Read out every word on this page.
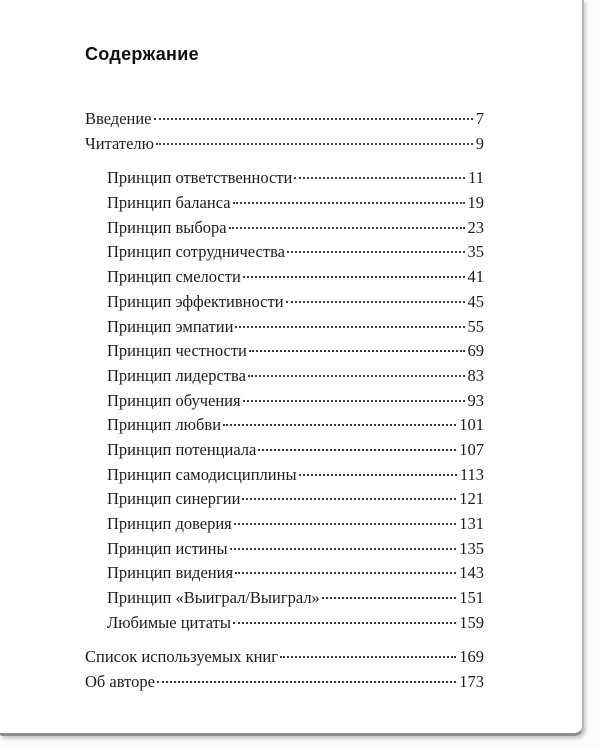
Содержание
Введение	7
Читателю	9
Принцип ответственности	11
Принцип баланса	19
Принцип выбора	23
Принцип сотрудничества	35
Принцип смелости	41
Принцип эффективности	45
Принцип эмпатии	55
Принцип честности	69
Принцип лидерства	83
Принцип обучения	93
Принцип любви	101
Принцип потенциала	107
Принцип самодисциплины	113
Принцип синергии	121
Принцип доверия	131
Принцип истины	135
Принцип видения	143
Принцип «Выиграл/Выиграл»	151
Любимые цитаты	159
Список используемых книг	169
Об авторе	173
